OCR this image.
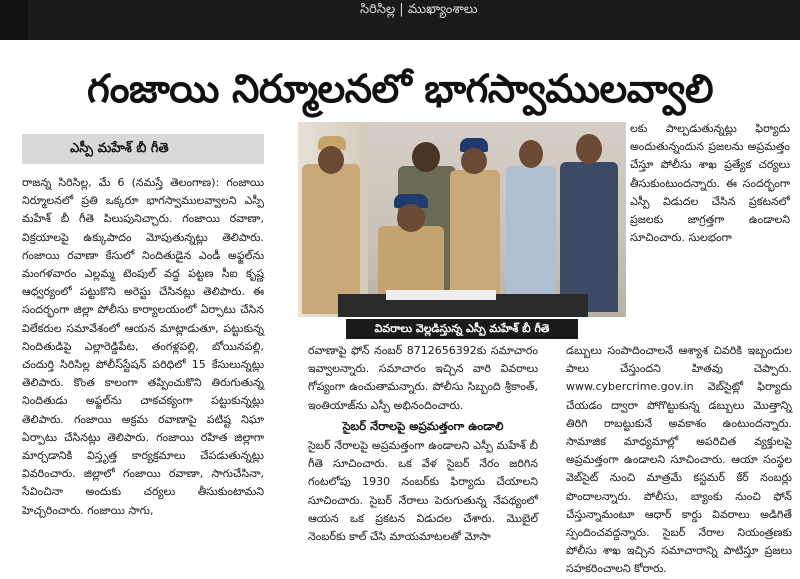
సిరిసిల్ల | ముఖ్యాంశాలు
గంజాయి నిర్మూలనలో భాగస్వాములవ్వాలి
ఎస్పీ మహేశ్ బీ గీతె

రాజన్న సిరిసిల్ల, మే 6 (నమస్తే తెలంగాణ): గంజాయి నిర్మూలనలో ప్రతి ఒక్కరూ భాగస్వాములవ్వాలని ఎస్పీ మహేశ్ బీ గీతె పిలుపునిచ్చారు. గంజాయి రవాణా, విక్రయాలపై ఉక్కుపాదం మోపుతున్నట్లు తెలిపారు. గంజాయి రవాణా కేసులో నిందితుడైన ఎండీ అఫ్జల్‌ను మంగళవారం ఎల్లమ్మ టెంపుల్ వద్ద పట్టణ సీఐ కృష్ణ ఆధ్వర్యంలో పట్టుకొని అరెస్టు చేసినట్లు తెలిపారు. ఈ సందర్భంగా జిల్లా పోలీసు కార్యాలయంలో ఏర్పాటు చేసిన విలేకరుల సమావేశంలో ఆయన మాట్లాడుతూ, పట్టుకున్న నిందితుడిపై ఎల్లారెడ్డిపేట, తంగళ్లపల్లి, బోయినపల్లి, చందుర్తి సిరిసిల్ల పోలీస్‌స్టేషన్ పరిధిలో 15 కేసులున్నట్లు తెలిపారు. కొంత కాలంగా తప్పించుకొని తిరుగుతున్న నిందితుడు అఫ్జల్‌ను చాకచక్యంగా పట్టుకున్నట్లు తెలిపారు. గంజాయి అక్రమ రవాణాపై పటిష్ట నిఘా ఏర్పాటు చేసినట్లు తెలిపారు. గంజాయి రహిత జిల్లాగా మార్చడానికి విస్తృత్త కార్యక్రమాలు చేపడుతున్నట్లు వివరించారు. జిల్లాలో గంజాయి రవాణా, సాగుచేసినా, సేవించినా అందుకు చర్యలు తీసుకుంటామని హెచ్చరించారు. గంజాయి సాగు,

వివరాలు వెల్లడిస్తున్న ఎస్పీ మహేశ్ బీ గీతె

లకు పాల్పడుతున్నట్లు ఫిర్యాదు అందుతున్నందున ప్రజలను అప్రమత్తం చేస్తూ పోలీసు శాఖ ప్రత్యేక చర్యలు తీసుకుంటుందన్నారు. ఈ సందర్భంగా ఎస్పీ విడుదల చేసిన ప్రకటనలో ప్రజలకు జాగ్రత్తగా ఉండాలని సూచించారు. సులభంగా

రవాణాపై ఫోన్ నంబర్ 8712656392కు సమాచారం ఇవ్వాలన్నారు. సమాచారం ఇచ్చిన వారి వివరాలు గోప్యంగా ఉంచుతామన్నారు. పోలీసు సిబ్బంది శ్రీకాంత్, ఇంతియాజ్‌ను ఎస్పీ అభినందించారు.

సైబర్ నేరాలపై అప్రమత్తంగా ఉండాలి

సైబర్ నేరాలపై అప్రమత్తంగా ఉండాలని ఎస్పీ మహేశ్ బీ గీతె సూచించారు. ఒక వేళ సైబర్ నేరం జరిగిన గంటలోపు 1930 నంబర్‌కు ఫిర్యాదు చేయాలని సూచించారు. సైబర్ నేరాలు పెరుగుతున్న నేపథ్యంలో ఆయన ఒక ప్రకటన విడుదల చేశారు. మొబైల్ నెంబర్‌కు కాల్ చేసి మాయమాటలతో మోసా

డబ్బులు సంపాదించాలనే ఆశ్యాశ చివరికి ఇబ్బందుల పాలు చేస్తుందని హితవు చెప్పారు. www.cybercrime.gov.in వెబ్‌సైట్లో ఫిర్యాదు చేయడం ద్వారా పోగొట్టుకున్న డబ్బులు మొత్తాన్ని తిరిగి రాబట్టుకునే అవకాశం ఉంటుందన్నారు. సామాజిక మాధ్యమాల్లో అపరిచిత వ్యక్తులపై అప్రమత్తంగా ఉండాలని సూచించారు. ఆయా సంస్థల వెబ్‌సైట్ నుంచి మాత్రమే కస్టమర్ కేర్ నంబర్లు పొందాలన్నారు. పోలీసు, బ్యాంకు నుంచి ఫోన్ చేస్తున్నామంటూ ఆధార్ కార్డు వివరాలు అడిగితే స్పందించవద్దన్నారు. సైబర్ నేరాల నియంత్రణకు పోలీసు శాఖ ఇచ్చిన సమాచారాన్ని పాటిస్తూ ప్రజలు సహకరించాలని కోరారు.
